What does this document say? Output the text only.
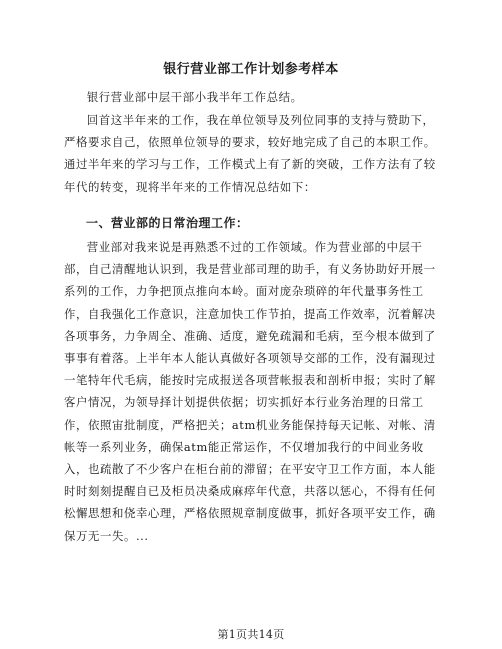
银行营业部工作计划参考样本
银行营业部中层干部小我半年工作总结。
回首这半年来的工作，我在单位领导及列位同事的支持与赞助下，严格要求自己，依照单位领导的要求，较好地完成了自己的本职工作。通过半年来的学习与工作，工作模式上有了新的突破，工作方法有了较年代的转变，现将半年来的工作情况总结如下：
一、营业部的日常治理工作：
营业部对我来说是再熟悉不过的工作领域。作为营业部的中层干部，自己清醒地认识到，我是营业部司理的助手，有义务协助好开展一系列的工作，力争把顶点推向本岭。面对庞杂琐碎的年代量事务性工作，自我强化工作意识，注意加快工作节拍，提高工作效率，沉着解决各项事务，力争周全、准确、适度，避免疏漏和毛病，至今根本做到了事事有着落。上半年本人能认真做好各项领导交部的工作，没有漏现过一笔特年代毛病，能按时完成报送各项营帐报表和剖析申报；实时了解客户情况，为领导择计划提供依据；切实抓好本行业务治理的日常工作，依照宙批制度，严格把关；atm机业务能保持每天记帐、对帐、清帐等一系列业务，确保atm能正常运作，不仅增加我行的中间业务收入，也疏散了不少客户在柜台前的滞留；在平安守卫工作方面，本人能时时刻刻提醒自已及柜员决桑成麻瘁年代意，共落以惩心，不得有任何松懈思想和侥幸心理，严格依照规章制度做事，抓好各项平安工作，确保万无一失。...
第1页共14页
